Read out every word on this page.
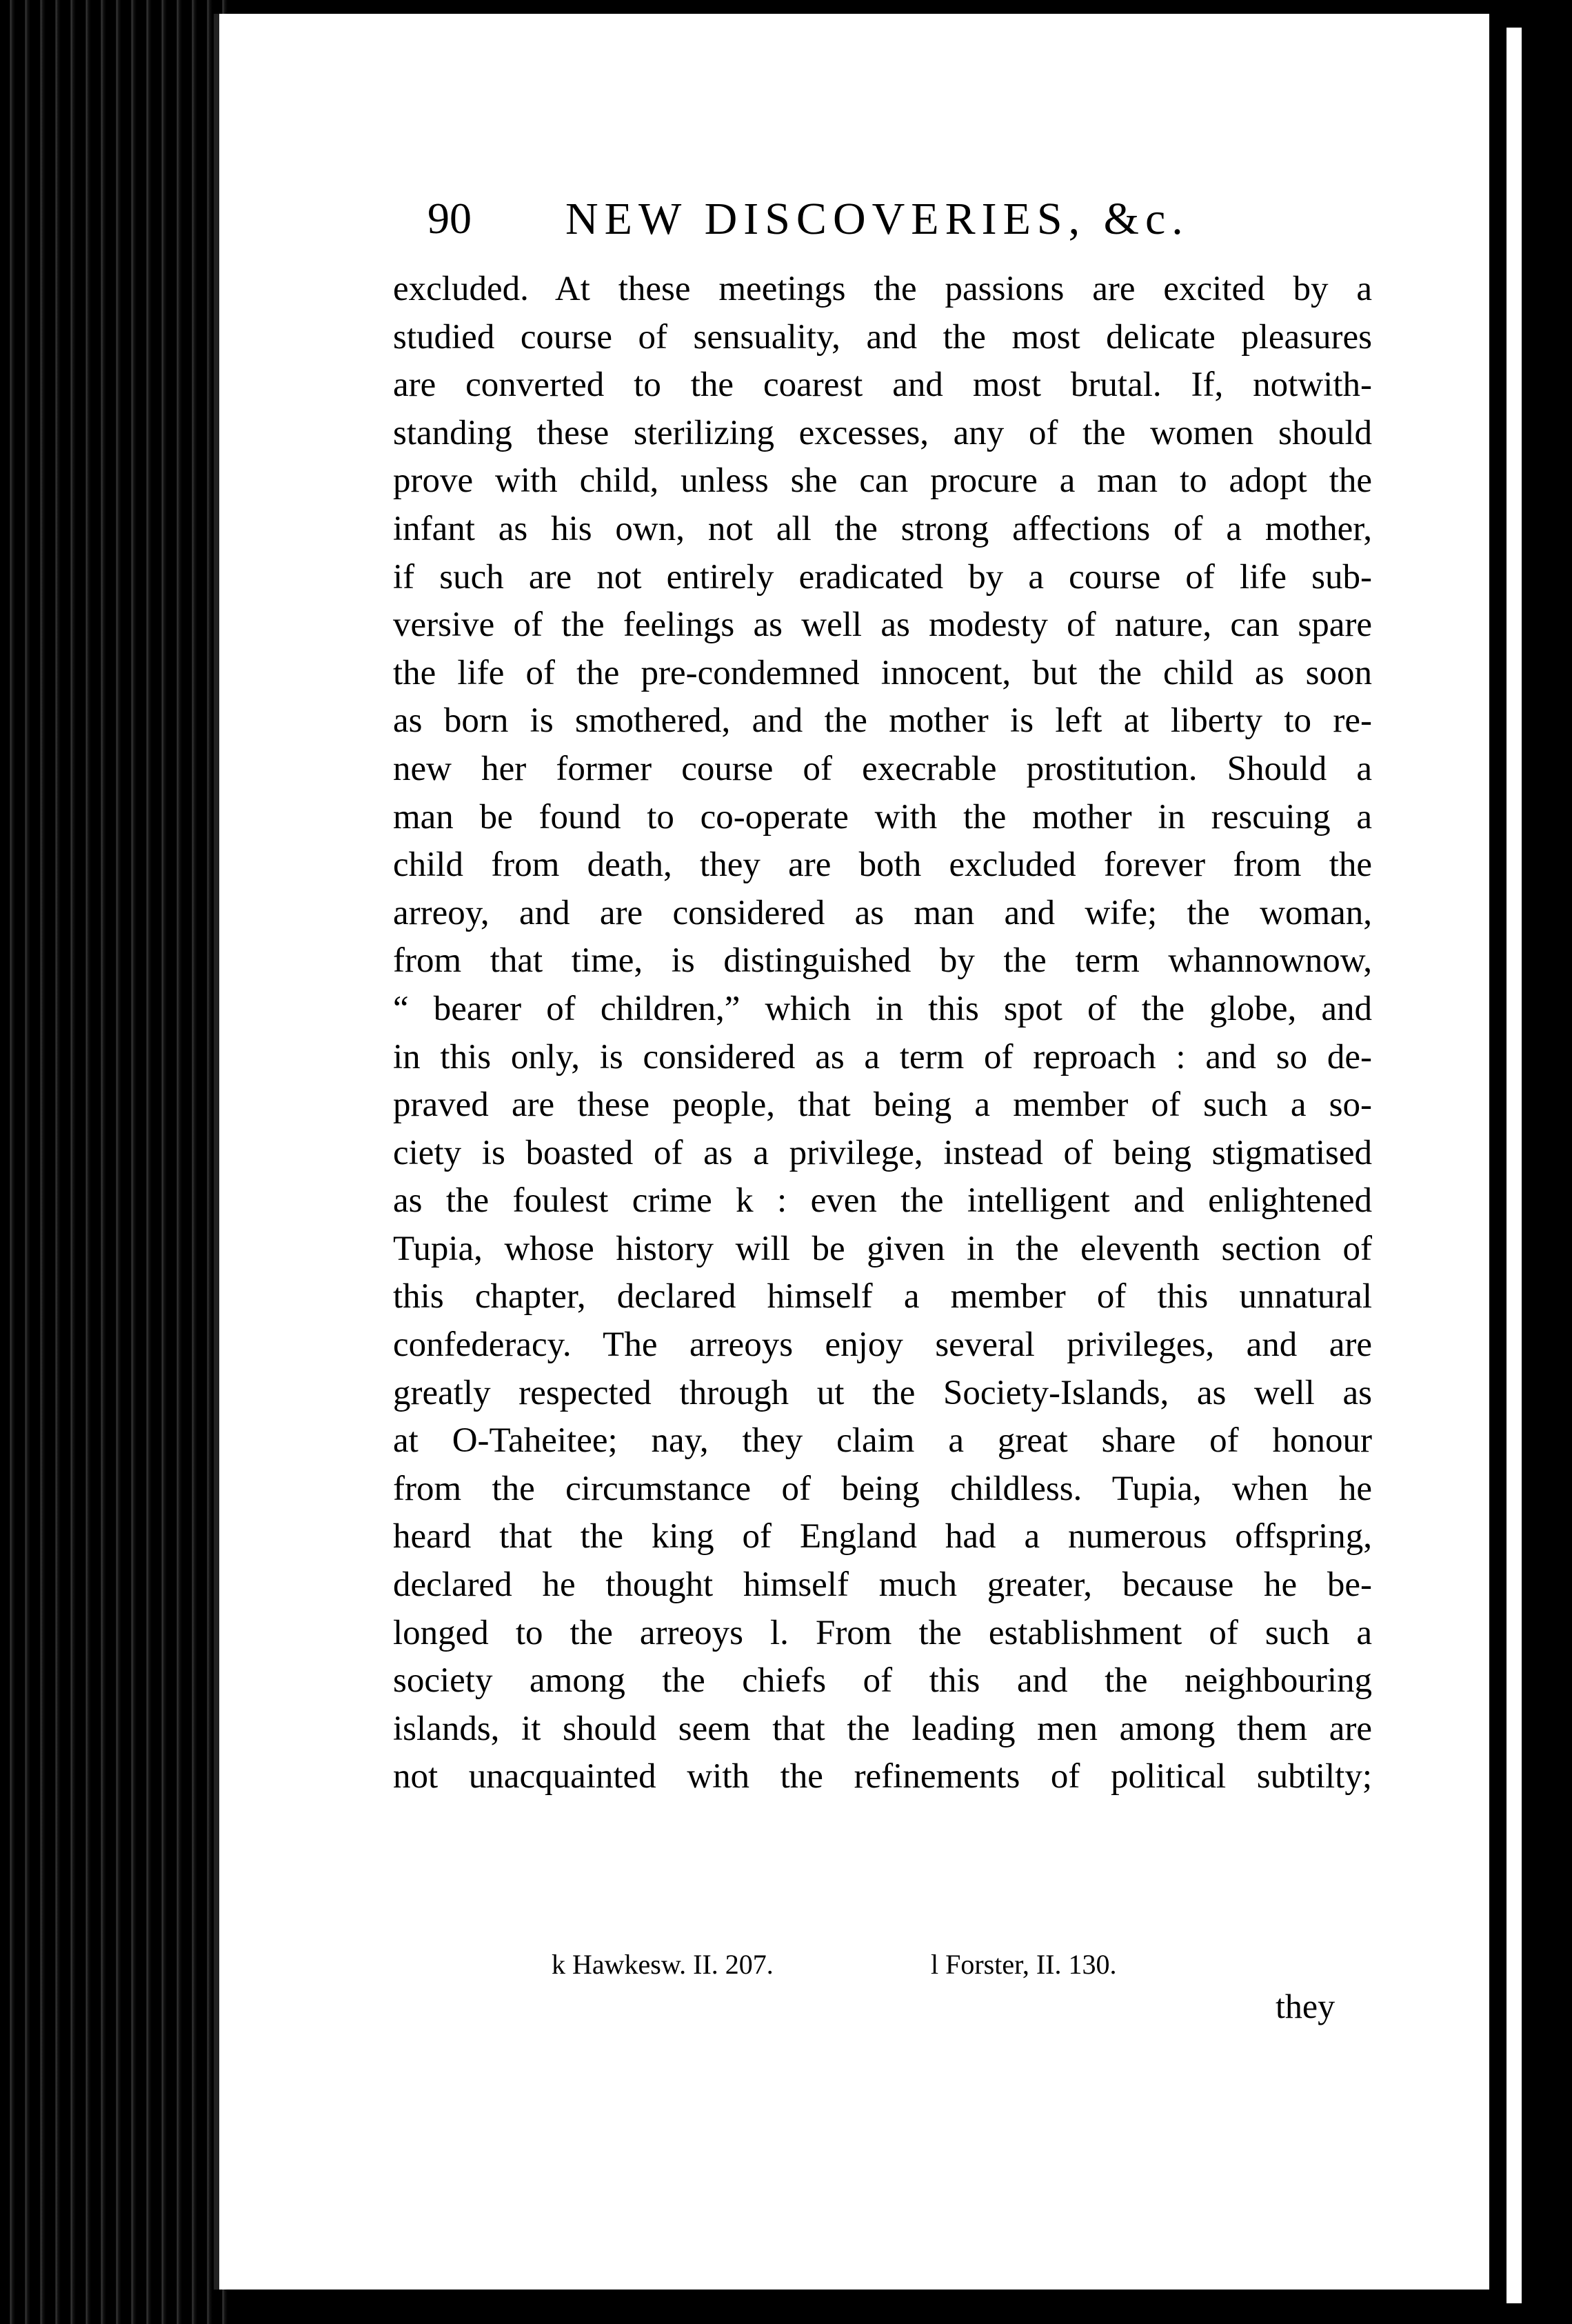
90 NEW DISCOVERIES, &c.
excluded. At these meetings the passions are excited by a
studied course of sensuality, and the most delicate pleasures
are converted to the coarest and most brutal. If, notwith-
standing these sterilizing excesses, any of the women should
prove with child, unless she can procure a man to adopt the
infant as his own, not all the strong affections of a mother,
if such are not entirely eradicated by a course of life sub-
versive of the feelings as well as modesty of nature, can spare
the life of the pre-condemned innocent, but the child as soon
as born is smothered, and the mother is left at liberty to re-
new her former course of execrable prostitution. Should a
man be found to co-operate with the mother in rescuing a
child from death, they are both excluded forever from the
arreoy, and are considered as man and wife; the woman,
from that time, is distinguished by the term whannownow,
“ bearer of children,” which in this spot of the globe, and
in this only, is considered as a term of reproach : and so de-
praved are these people, that being a member of such a so-
ciety is boasted of as a privilege, instead of being stigmatised
as the foulest crime k : even the intelligent and enlightened
Tupia, whose history will be given in the eleventh section of
this chapter, declared himself a member of this unnatural
confederacy. The arreoys enjoy several privileges, and are
greatly respected through ut the Society-Islands, as well as
at O-Taheitee; nay, they claim a great share of honour
from the circumstance of being childless. Tupia, when he
heard that the king of England had a numerous offspring,
declared he thought himself much greater, because he be-
longed to the arreoys l. From the establishment of such a
society among the chiefs of this and the neighbouring
islands, it should seem that the leading men among them are
not unacquainted with the refinements of political subtilty;
k Hawkesw. II. 207.	l Forster, II. 130.
they
